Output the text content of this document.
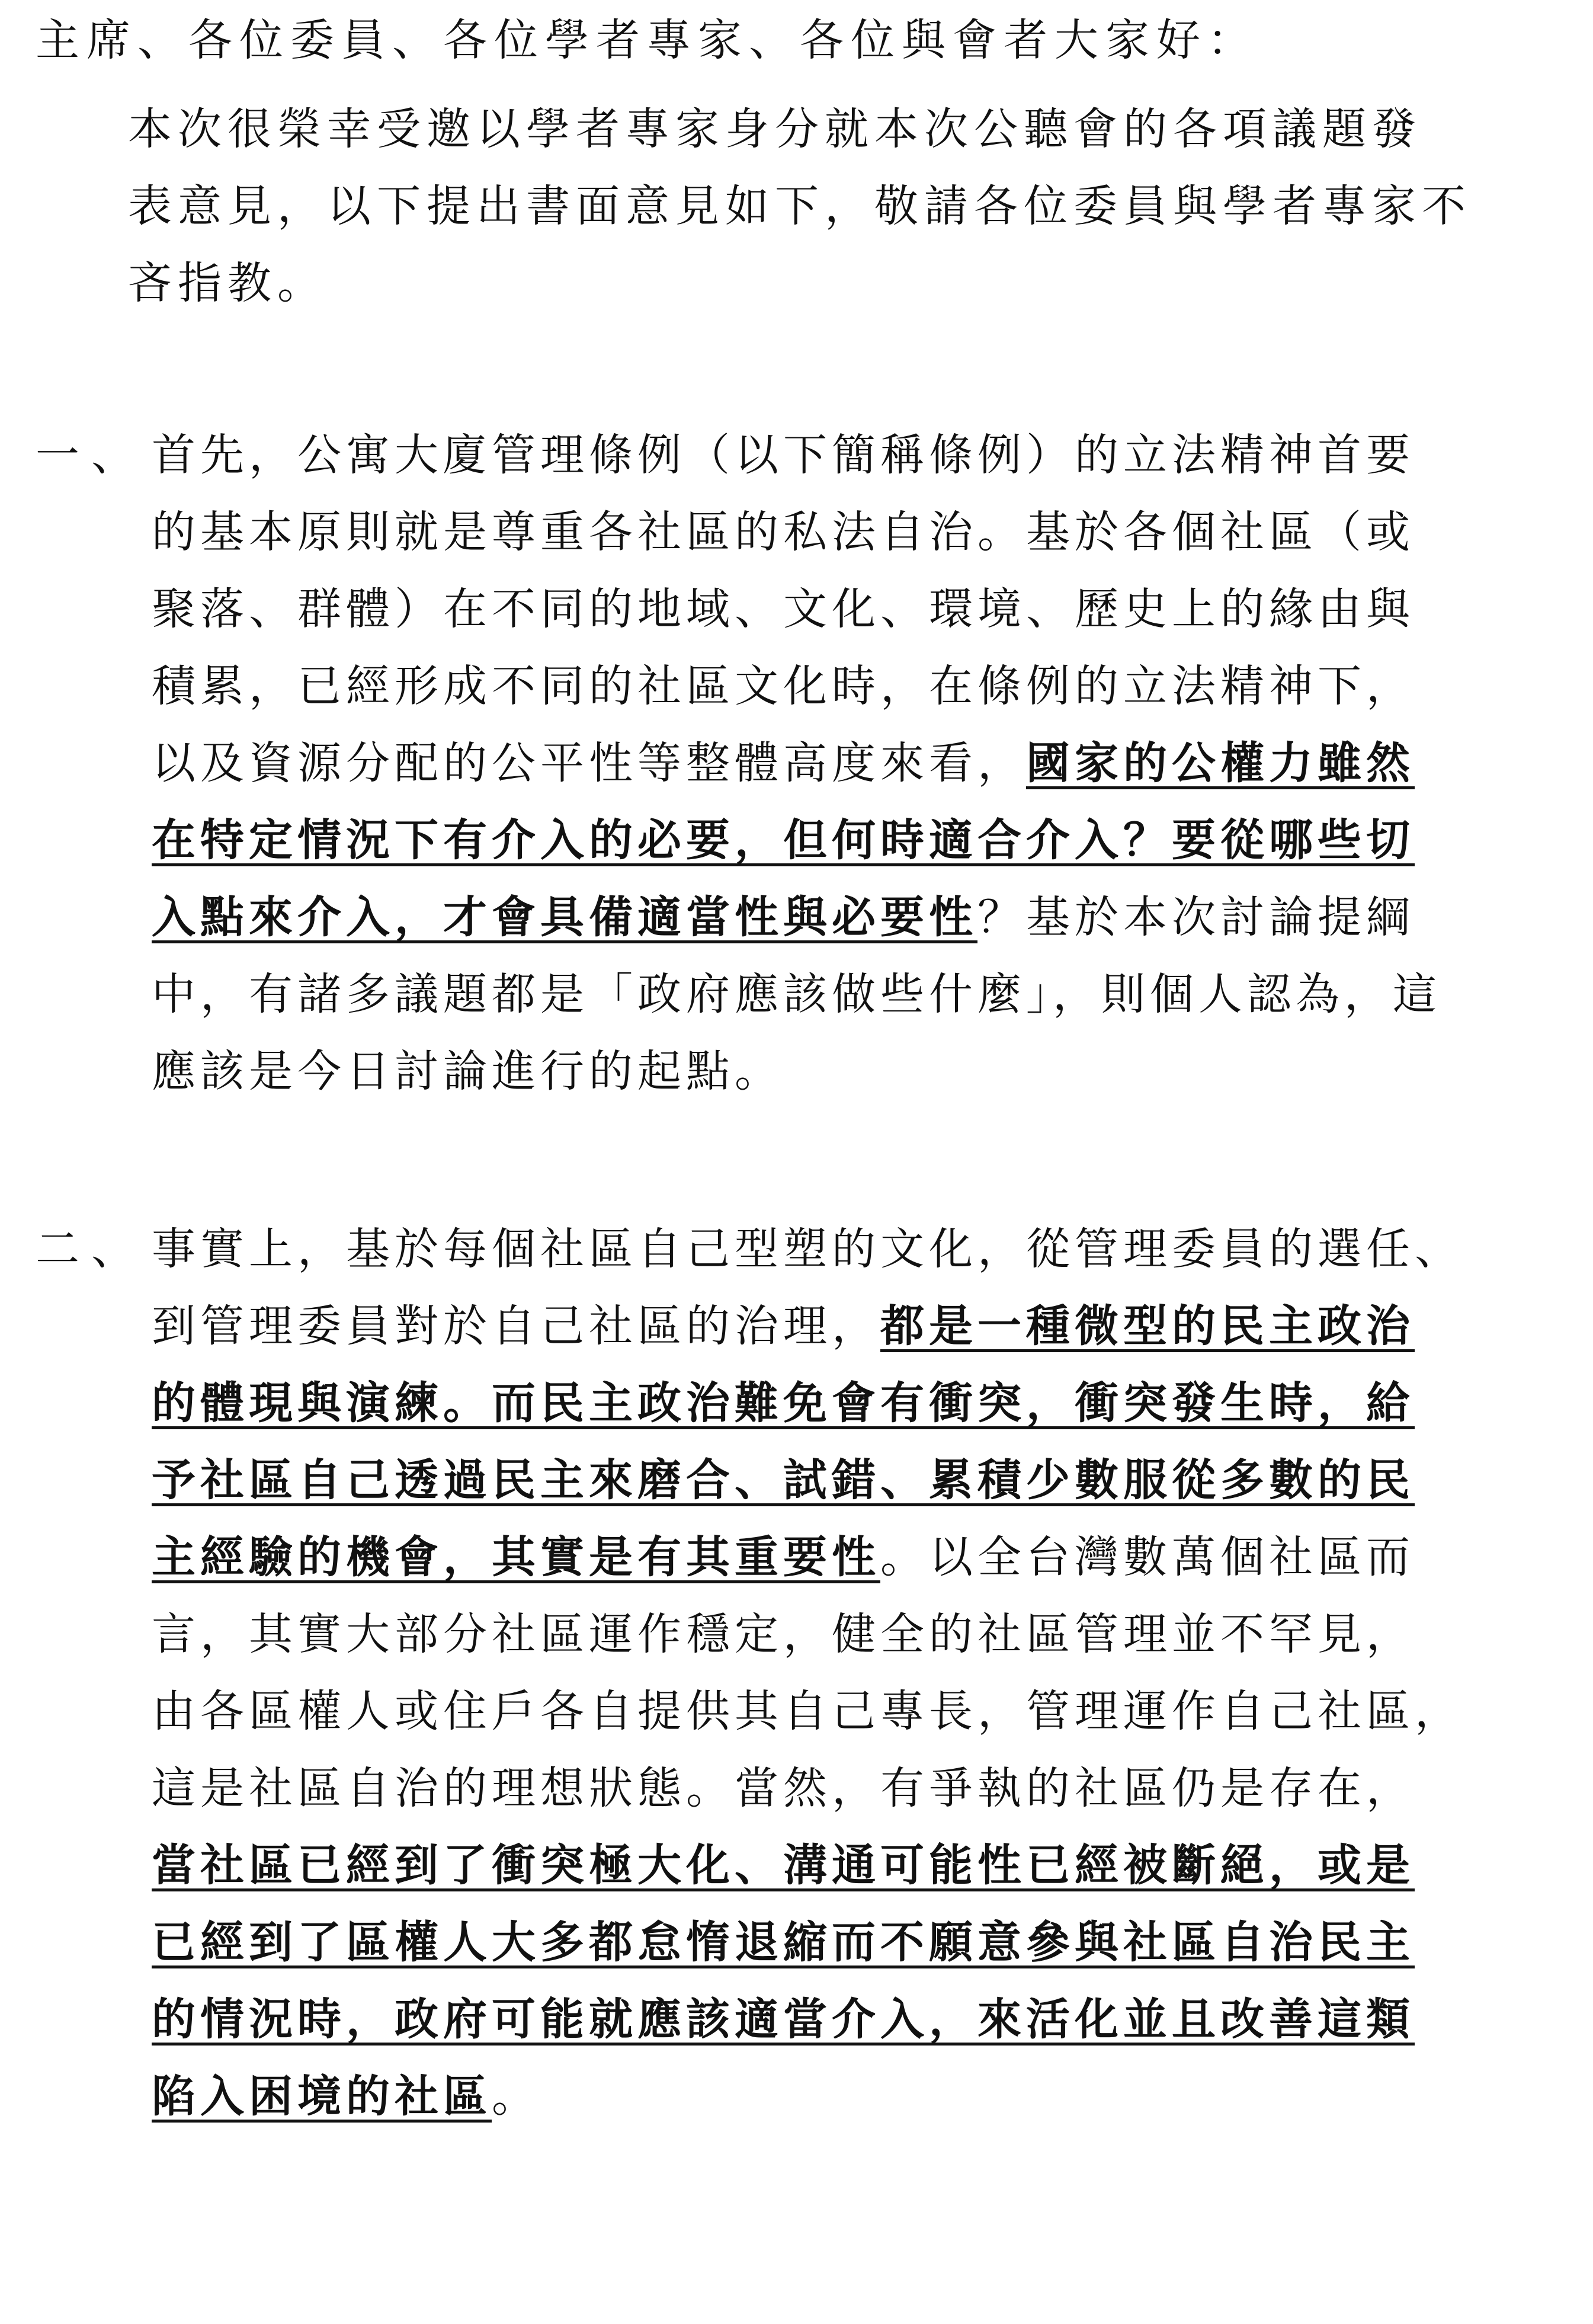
主席、各位委員、各位學者專家、各位與會者大家好：
本次很榮幸受邀以學者專家身分就本次公聽會的各項議題發
表意見，以下提出書面意見如下，敬請各位委員與學者專家不
吝指教。
一、 首先，公寓大廈管理條例（以下簡稱條例）的立法精神首要
的基本原則就是尊重各社區的私法自治。基於各個社區（或
聚落、群體）在不同的地域、文化、環境、歷史上的緣由與
積累，已經形成不同的社區文化時，在條例的立法精神下，
以及資源分配的公平性等整體高度來看，國家的公權力雖然
在特定情況下有介入的必要，但何時適合介入？要從哪些切
入點來介入，才會具備適當性與必要性？基於本次討論提綱
中，有諸多議題都是「政府應該做些什麼」，則個人認為，這
應該是今日討論進行的起點。
二、 事實上，基於每個社區自己型塑的文化，從管理委員的選任、
到管理委員對於自己社區的治理，都是一種微型的民主政治
的體現與演練。而民主政治難免會有衝突，衝突發生時，給
予社區自己透過民主來磨合、試錯、累積少數服從多數的民
主經驗的機會，其實是有其重要性。以全台灣數萬個社區而
言，其實大部分社區運作穩定，健全的社區管理並不罕見，
由各區權人或住戶各自提供其自己專長，管理運作自己社區，
這是社區自治的理想狀態。當然，有爭執的社區仍是存在，
當社區已經到了衝突極大化、溝通可能性已經被斷絕，或是
已經到了區權人大多都怠惰退縮而不願意參與社區自治民主
的情況時，政府可能就應該適當介入，來活化並且改善這類
陷入困境的社區。
